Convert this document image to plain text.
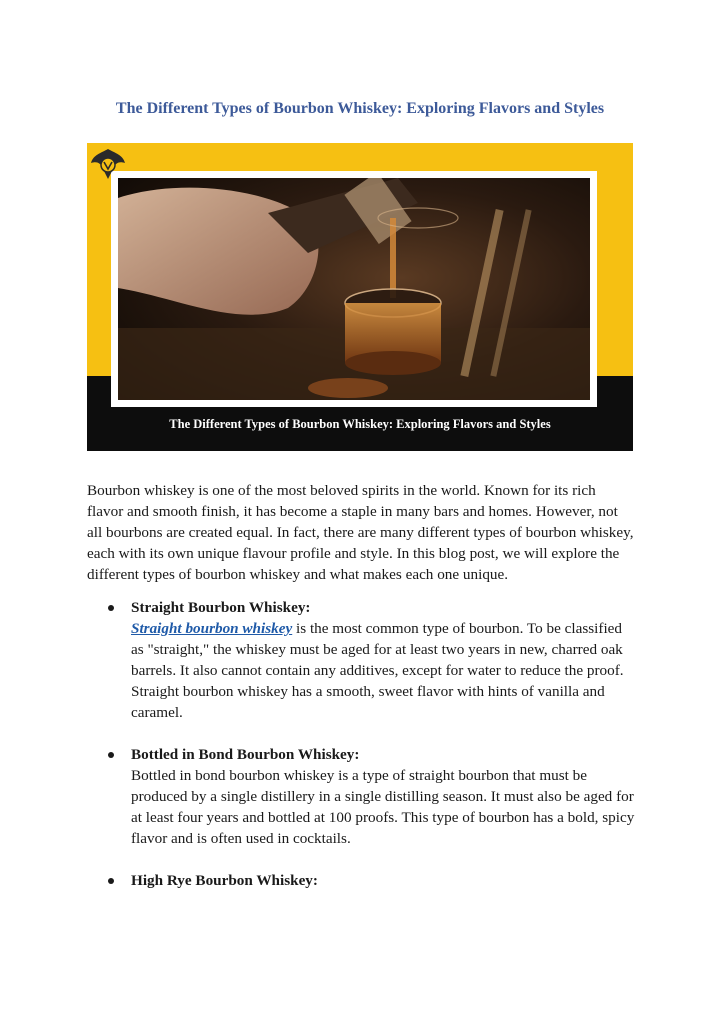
The Different Types of Bourbon Whiskey: Exploring Flavors and Styles
The Different Types of Bourbon Whiskey: Exploring Flavors and Styles

Bourbon whiskey is one of the most beloved spirits in the world. Known for its rich flavor and smooth finish, it has become a staple in many bars and homes. However, not all bourbons are created equal. In fact, there are many different types of bourbon whiskey, each with its own unique flavour profile and style. In this blog post, we will explore the different types of bourbon whiskey and what makes each one unique.

Straight Bourbon Whiskey:
Straight bourbon whiskey is the most common type of bourbon. To be classified as "straight," the whiskey must be aged for at least two years in new, charred oak barrels. It also cannot contain any additives, except for water to reduce the proof. Straight bourbon whiskey has a smooth, sweet flavor with hints of vanilla and caramel.
Bottled in Bond Bourbon Whiskey:
Bottled in bond bourbon whiskey is a type of straight bourbon that must be produced by a single distillery in a single distilling season. It must also be aged for at least four years and bottled at 100 proofs. This type of bourbon has a bold, spicy flavor and is often used in cocktails.
High Rye Bourbon Whiskey:
